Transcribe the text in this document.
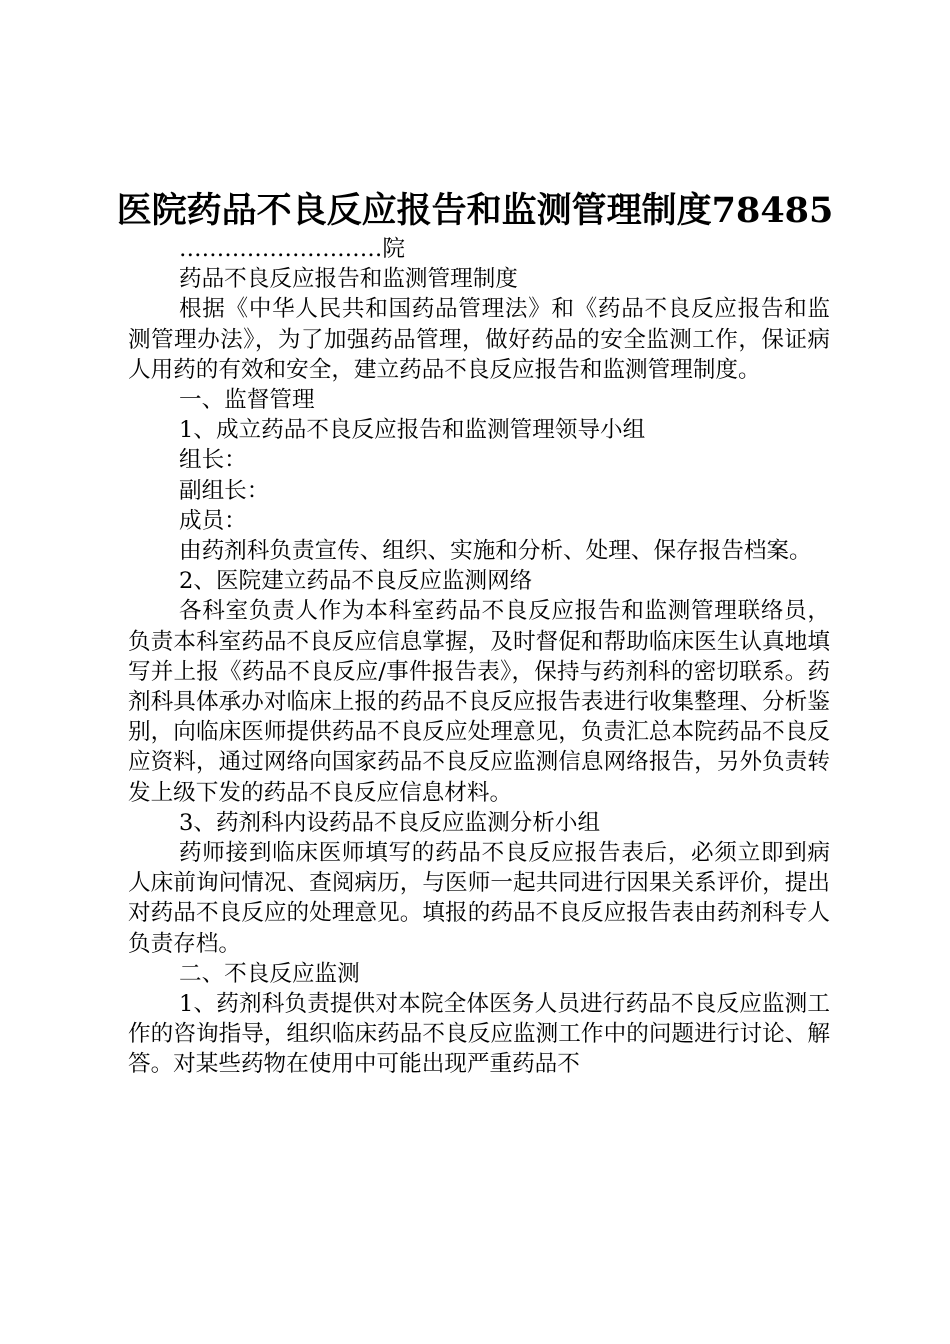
医院药品不良反应报告和监测管理制度78485

………………………院

药品不良反应报告和监测管理制度

根据《中华人民共和国药品管理法》和《药品不良反应报告和监测管理办法》，为了加强药品管理，做好药品的安全监测工作，保证病人用药的有效和安全，建立药品不良反应报告和监测管理制度。

一、监督管理

1、成立药品不良反应报告和监测管理领导小组

组长：

副组长：

成员：

由药剂科负责宣传、组织、实施和分析、处理、保存报告档案。

2、医院建立药品不良反应监测网络

各科室负责人作为本科室药品不良反应报告和监测管理联络员，负责本科室药品不良反应信息掌握，及时督促和帮助临床医生认真地填写并上报《药品不良反应/事件报告表》，保持与药剂科的密切联系。药剂科具体承办对临床上报的药品不良反应报告表进行收集整理、分析鉴别，向临床医师提供药品不良反应处理意见，负责汇总本院药品不良反应资料，通过网络向国家药品不良反应监测信息网络报告，另外负责转发上级下发的药品不良反应信息材料。

3、药剂科内设药品不良反应监测分析小组

药师接到临床医师填写的药品不良反应报告表后，必须立即到病人床前询问情况、查阅病历，与医师一起共同进行因果关系评价，提出对药品不良反应的处理意见。填报的药品不良反应报告表由药剂科专人负责存档。

二、不良反应监测

1、药剂科负责提供对本院全体医务人员进行药品不良反应监测工作的咨询指导，组织临床药品不良反应监测工作中的问题进行讨论、解答。对某些药物在使用中可能出现严重药品不
